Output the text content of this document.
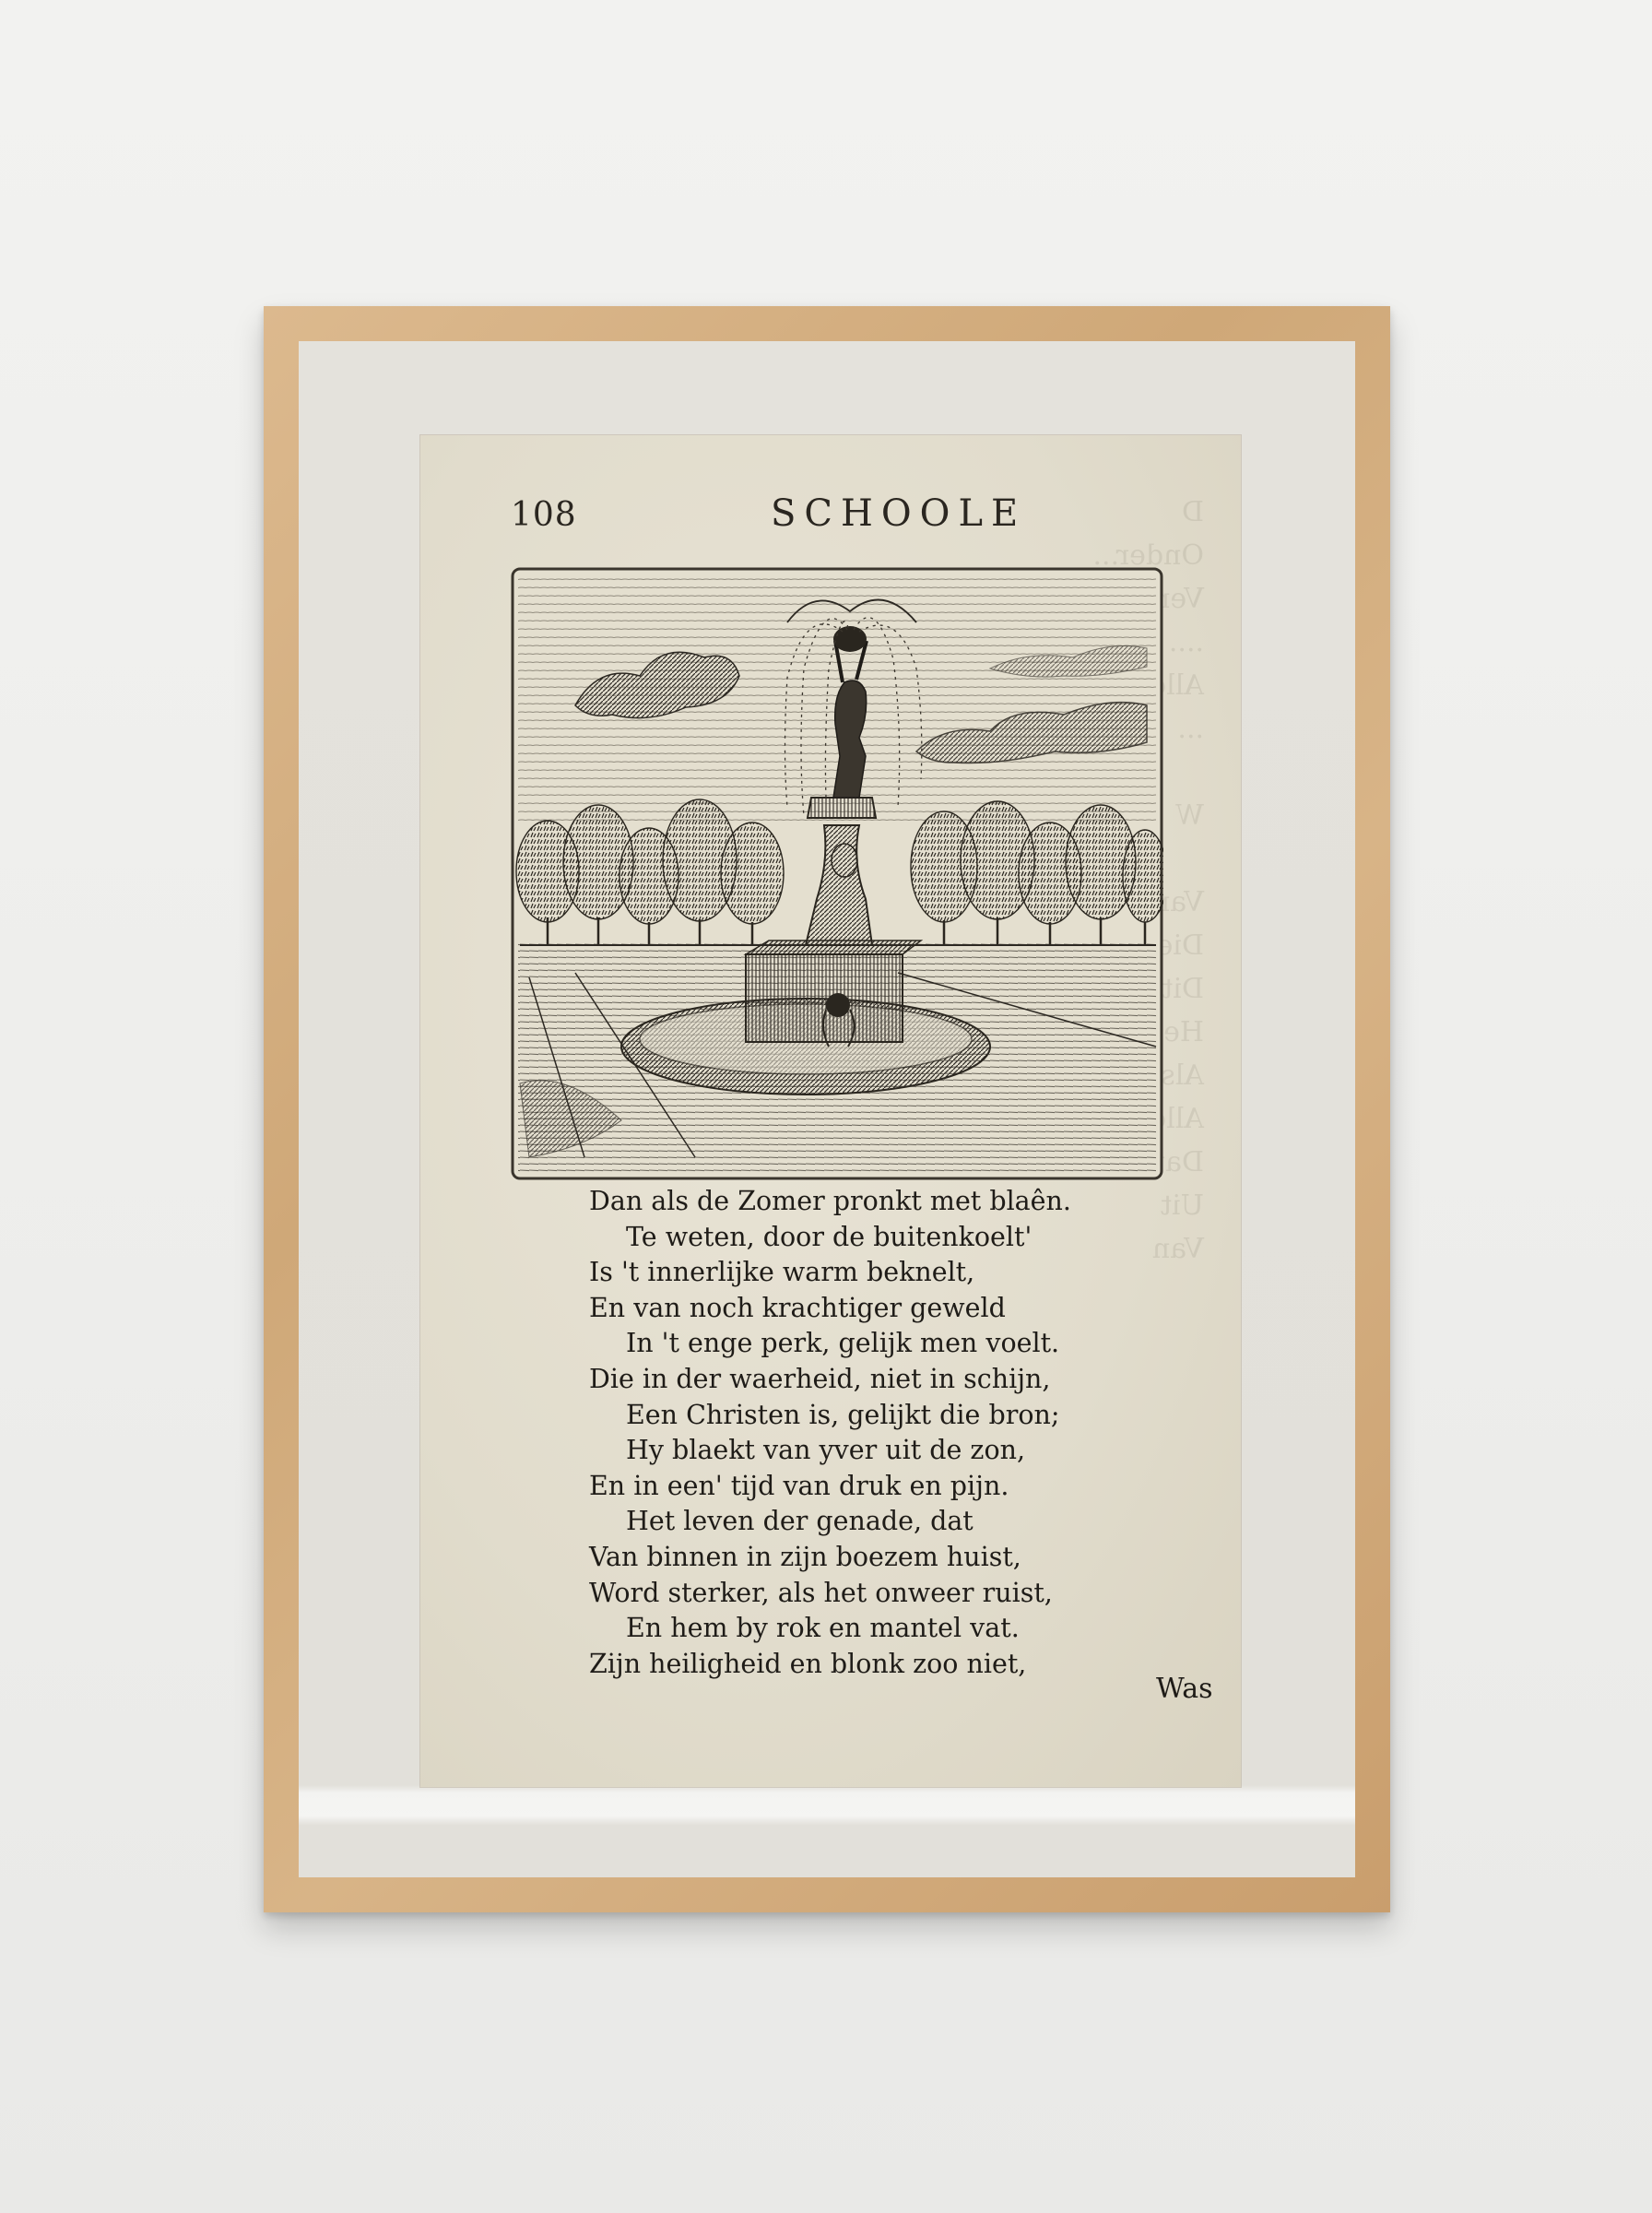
D
Onder...

....

...

W

Van
Die
Dit
Het
Als
Alle
Dat
Uit
Van
108	SCHOOLE
Dan als de Zomer pronkt met blaên.
Te weten, door de buitenkoelt'
Is 't innerlijke warm beknelt,
En van noch krachtiger geweld
In 't enge perk, gelijk men voelt.
Die in der waerheid, niet in schijn,
Een Christen is, gelijkt die bron;
Hy blaekt van yver uit de zon,
En in een' tijd van druk en pijn.
Het leven der genade, dat
Van binnen in zijn boezem huist,
Word sterker, als het onweer ruist,
En hem by rok en mantel vat.
Zijn heiligheid en blonk zoo niet,
Was
